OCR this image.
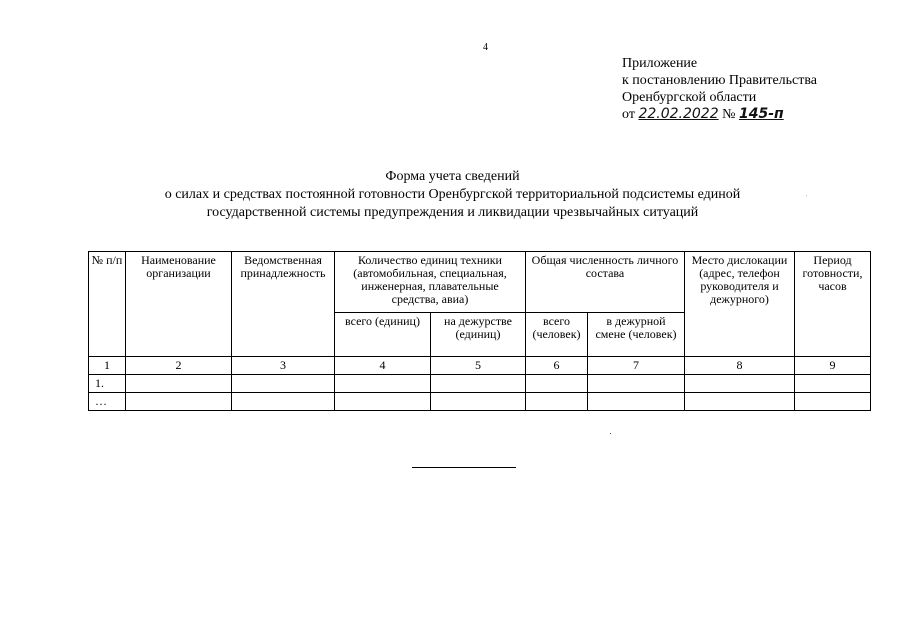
4
Приложение
к постановлению Правительства
Оренбургской области
от 22.02.2022 № 145-п
Форма учета сведений
о силах и средствах постоянной готовности Оренбургской территориальной подсистемы единой
государственной системы предупреждения и ликвидации чрезвычайных ситуаций
№ п/п	Наименование организации	Ведомственная принадлежность	Количество единиц техники (автомобильная, специальная, инженерная, плавательные средства, авиа)		Общая численность личного состава		Место дислокации (адрес, телефон руководителя и дежурного)	Период готовности, часов
			всего (единиц)	на дежурстве (единиц)	всего (человек)	в дежурной смене (человек)		
1	2	3	4	5	6	7	8	9
1.								
…								
